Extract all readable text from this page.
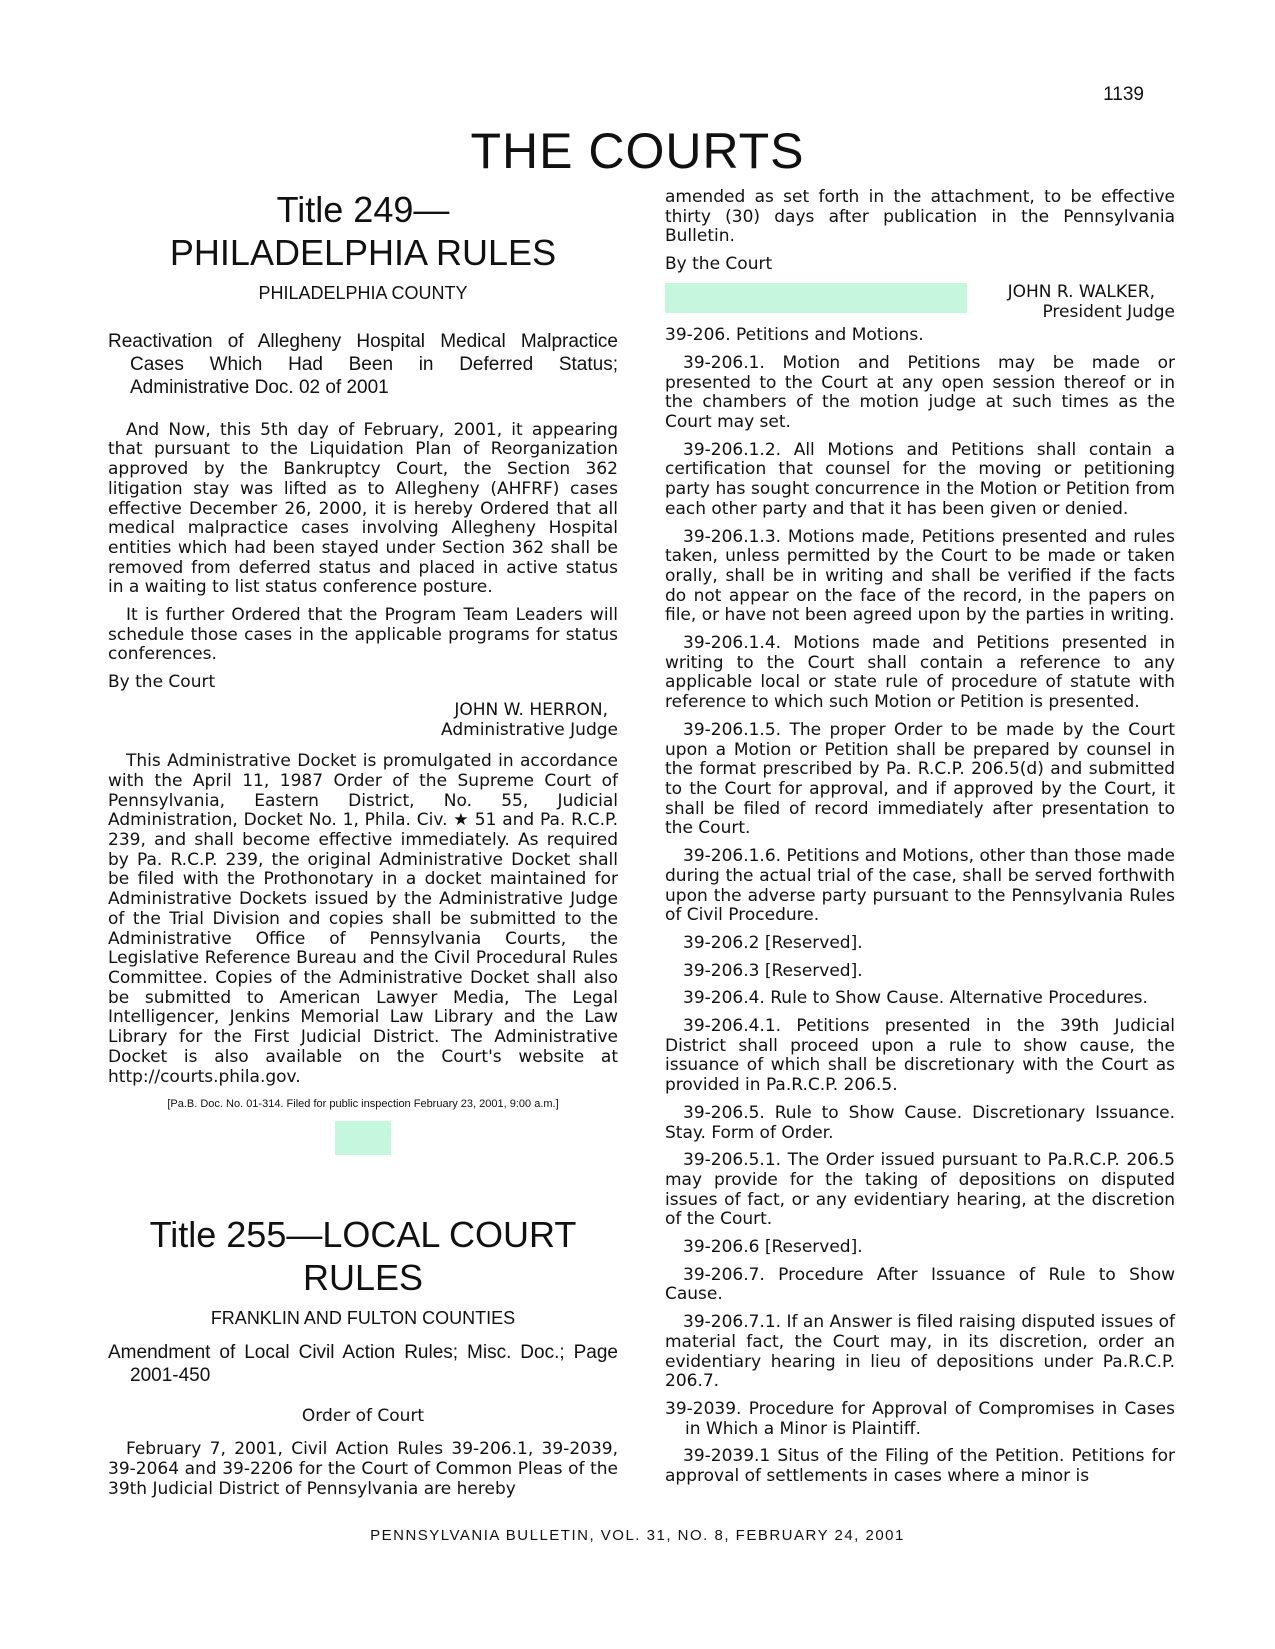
1139
THE COURTS
Title 249—
PHILADELPHIA RULES
PHILADELPHIA COUNTY
Reactivation of Allegheny Hospital Medical Malpractice Cases Which Had Been in Deferred Status; Administrative Doc. 02 of 2001

And Now, this 5th day of February, 2001, it appearing that pursuant to the Liquidation Plan of Reorganization approved by the Bankruptcy Court, the Section 362 litigation stay was lifted as to Allegheny (AHFRF) cases effective December 26, 2000, it is hereby Ordered that all medical malpractice cases involving Allegheny Hospital entities which had been stayed under Section 362 shall be removed from deferred status and placed in active status in a waiting to list status conference posture.

It is further Ordered that the Program Team Leaders will schedule those cases in the applicable programs for status conferences.

By the Court

JOHN W. HERRON,
Administrative Judge

This Administrative Docket is promulgated in accordance with the April 11, 1987 Order of the Supreme Court of Pennsylvania, Eastern District, No. 55, Judicial Administration, Docket No. 1, Phila. Civ. ★ 51 and Pa. R.C.P. 239, and shall become effective immediately. As required by Pa. R.C.P. 239, the original Administrative Docket shall be filed with the Prothonotary in a docket maintained for Administrative Dockets issued by the Administrative Judge of the Trial Division and copies shall be submitted to the Administrative Office of Pennsylvania Courts, the Legislative Reference Bureau and the Civil Procedural Rules Committee. Copies of the Administrative Docket shall also be submitted to American Lawyer Media, The Legal Intelligencer, Jenkins Memorial Law Library and the Law Library for the First Judicial District. The Administrative Docket is also available on the Court's website at http://courts.phila.gov.

[Pa.B. Doc. No. 01-314. Filed for public inspection February 23, 2001, 9:00 a.m.]

Title 255—LOCAL COURT RULES
FRANKLIN AND FULTON COUNTIES
Amendment of Local Civil Action Rules; Misc. Doc.; Page 2001-450

Order of Court

February 7, 2001, Civil Action Rules 39-206.1, 39-2039, 39-2064 and 39-2206 for the Court of Common Pleas of the 39th Judicial District of Pennsylvania are hereby

amended as set forth in the attachment, to be effective thirty (30) days after publication in the Pennsylvania Bulletin.

By the Court

JOHN R. WALKER,
President Judge

39-206. Petitions and Motions.

39-206.1. Motion and Petitions may be made or presented to the Court at any open session thereof or in the chambers of the motion judge at such times as the Court may set.

39-206.1.2. All Motions and Petitions shall contain a certification that counsel for the moving or petitioning party has sought concurrence in the Motion or Petition from each other party and that it has been given or denied.

39-206.1.3. Motions made, Petitions presented and rules taken, unless permitted by the Court to be made or taken orally, shall be in writing and shall be verified if the facts do not appear on the face of the record, in the papers on file, or have not been agreed upon by the parties in writing.

39-206.1.4. Motions made and Petitions presented in writing to the Court shall contain a reference to any applicable local or state rule of procedure of statute with reference to which such Motion or Petition is presented.

39-206.1.5. The proper Order to be made by the Court upon a Motion or Petition shall be prepared by counsel in the format prescribed by Pa. R.C.P. 206.5(d) and submitted to the Court for approval, and if approved by the Court, it shall be filed of record immediately after presentation to the Court.

39-206.1.6. Petitions and Motions, other than those made during the actual trial of the case, shall be served forthwith upon the adverse party pursuant to the Pennsylvania Rules of Civil Procedure.

39-206.2 [Reserved].

39-206.3 [Reserved].

39-206.4. Rule to Show Cause. Alternative Procedures.

39-206.4.1. Petitions presented in the 39th Judicial District shall proceed upon a rule to show cause, the issuance of which shall be discretionary with the Court as provided in Pa.R.C.P. 206.5.

39-206.5. Rule to Show Cause. Discretionary Issuance. Stay. Form of Order.

39-206.5.1. The Order issued pursuant to Pa.R.C.P. 206.5 may provide for the taking of depositions on disputed issues of fact, or any evidentiary hearing, at the discretion of the Court.

39-206.6 [Reserved].

39-206.7. Procedure After Issuance of Rule to Show Cause.

39-206.7.1. If an Answer is filed raising disputed issues of material fact, the Court may, in its discretion, order an evidentiary hearing in lieu of depositions under Pa.R.C.P. 206.7.

39-2039. Procedure for Approval of Compromises in Cases in Which a Minor is Plaintiff.

39-2039.1 Situs of the Filing of the Petition. Petitions for approval of settlements in cases where a minor is

PENNSYLVANIA BULLETIN, VOL. 31, NO. 8, FEBRUARY 24, 2001
